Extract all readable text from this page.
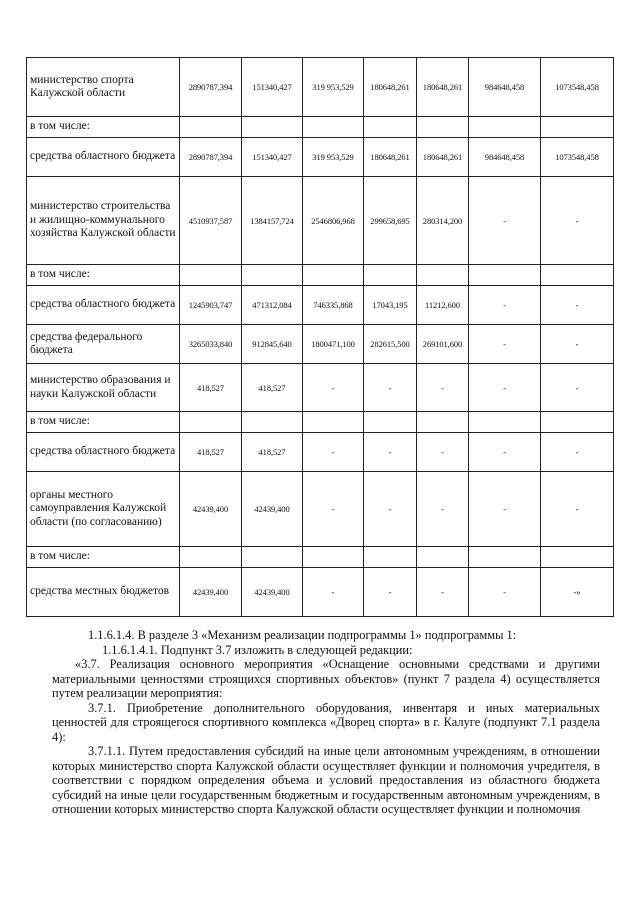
министерство спорта Калужской области	2890787,394	151340,427	319 953,529	180648,261	180648,261	984648,458	1073548,458
в том числе:							
средства областного бюджета	2890787,394	151340,427	319 953,529	180648,261	180648,261	984648,458	1073548,458
министерство строительства и жилищно-коммунального хозяйства Калужской области	4510937,587	1384157,724	2546806,968	299658,695	280314,200	-	-
в том числе:							
средства областного бюджета	1245903,747	471312,084	746335,868	17043,195	11212,600	-	-
средства федерального бюджета	3265033,840	912845,640	1800471,100	282615,500	269101,600	-	-
министерство образования и науки Калужской области	418,527	418,527	-	-	-	-	-
в том числе:							
средства областного бюджета	418,527	418,527	-	-	-	-	-
органы местного самоуправления Калужской области (по согласованию)	42439,400	42439,400	-	-	-	-	-
в том числе:							
средства местных бюджетов	42439,400	42439,400	-	-	-	-	-»

1.1.6.1.4. В разделе 3 «Механизм реализации подпрограммы 1» подпрограммы 1:

1.1.6.1.4.1. Подпункт 3.7 изложить в следующей редакции:

«3.7. Реализация основного мероприятия «Оснащение основными средствами и другими материальными ценностями строящихся спортивных объектов» (пункт 7 раздела 4) осуществляется путем реализации мероприятия:

3.7.1. Приобретение дополнительного оборудования, инвентаря и иных материальных ценностей для строящегося спортивного комплекса «Дворец спорта» в г. Калуге (подпункт 7.1 раздела 4):

3.7.1.1. Путем предоставления субсидий на иные цели автономным учреждениям, в отношении которых министерство спорта Калужской области осуществляет функции и полномочия учредителя, в соответствии с порядком определения объема и условий предоставления из областного бюджета субсидий на иные цели государственным бюджетным и государственным автономным учреждениям, в отношении которых министерство спорта Калужской области осуществляет функции и полномочия
